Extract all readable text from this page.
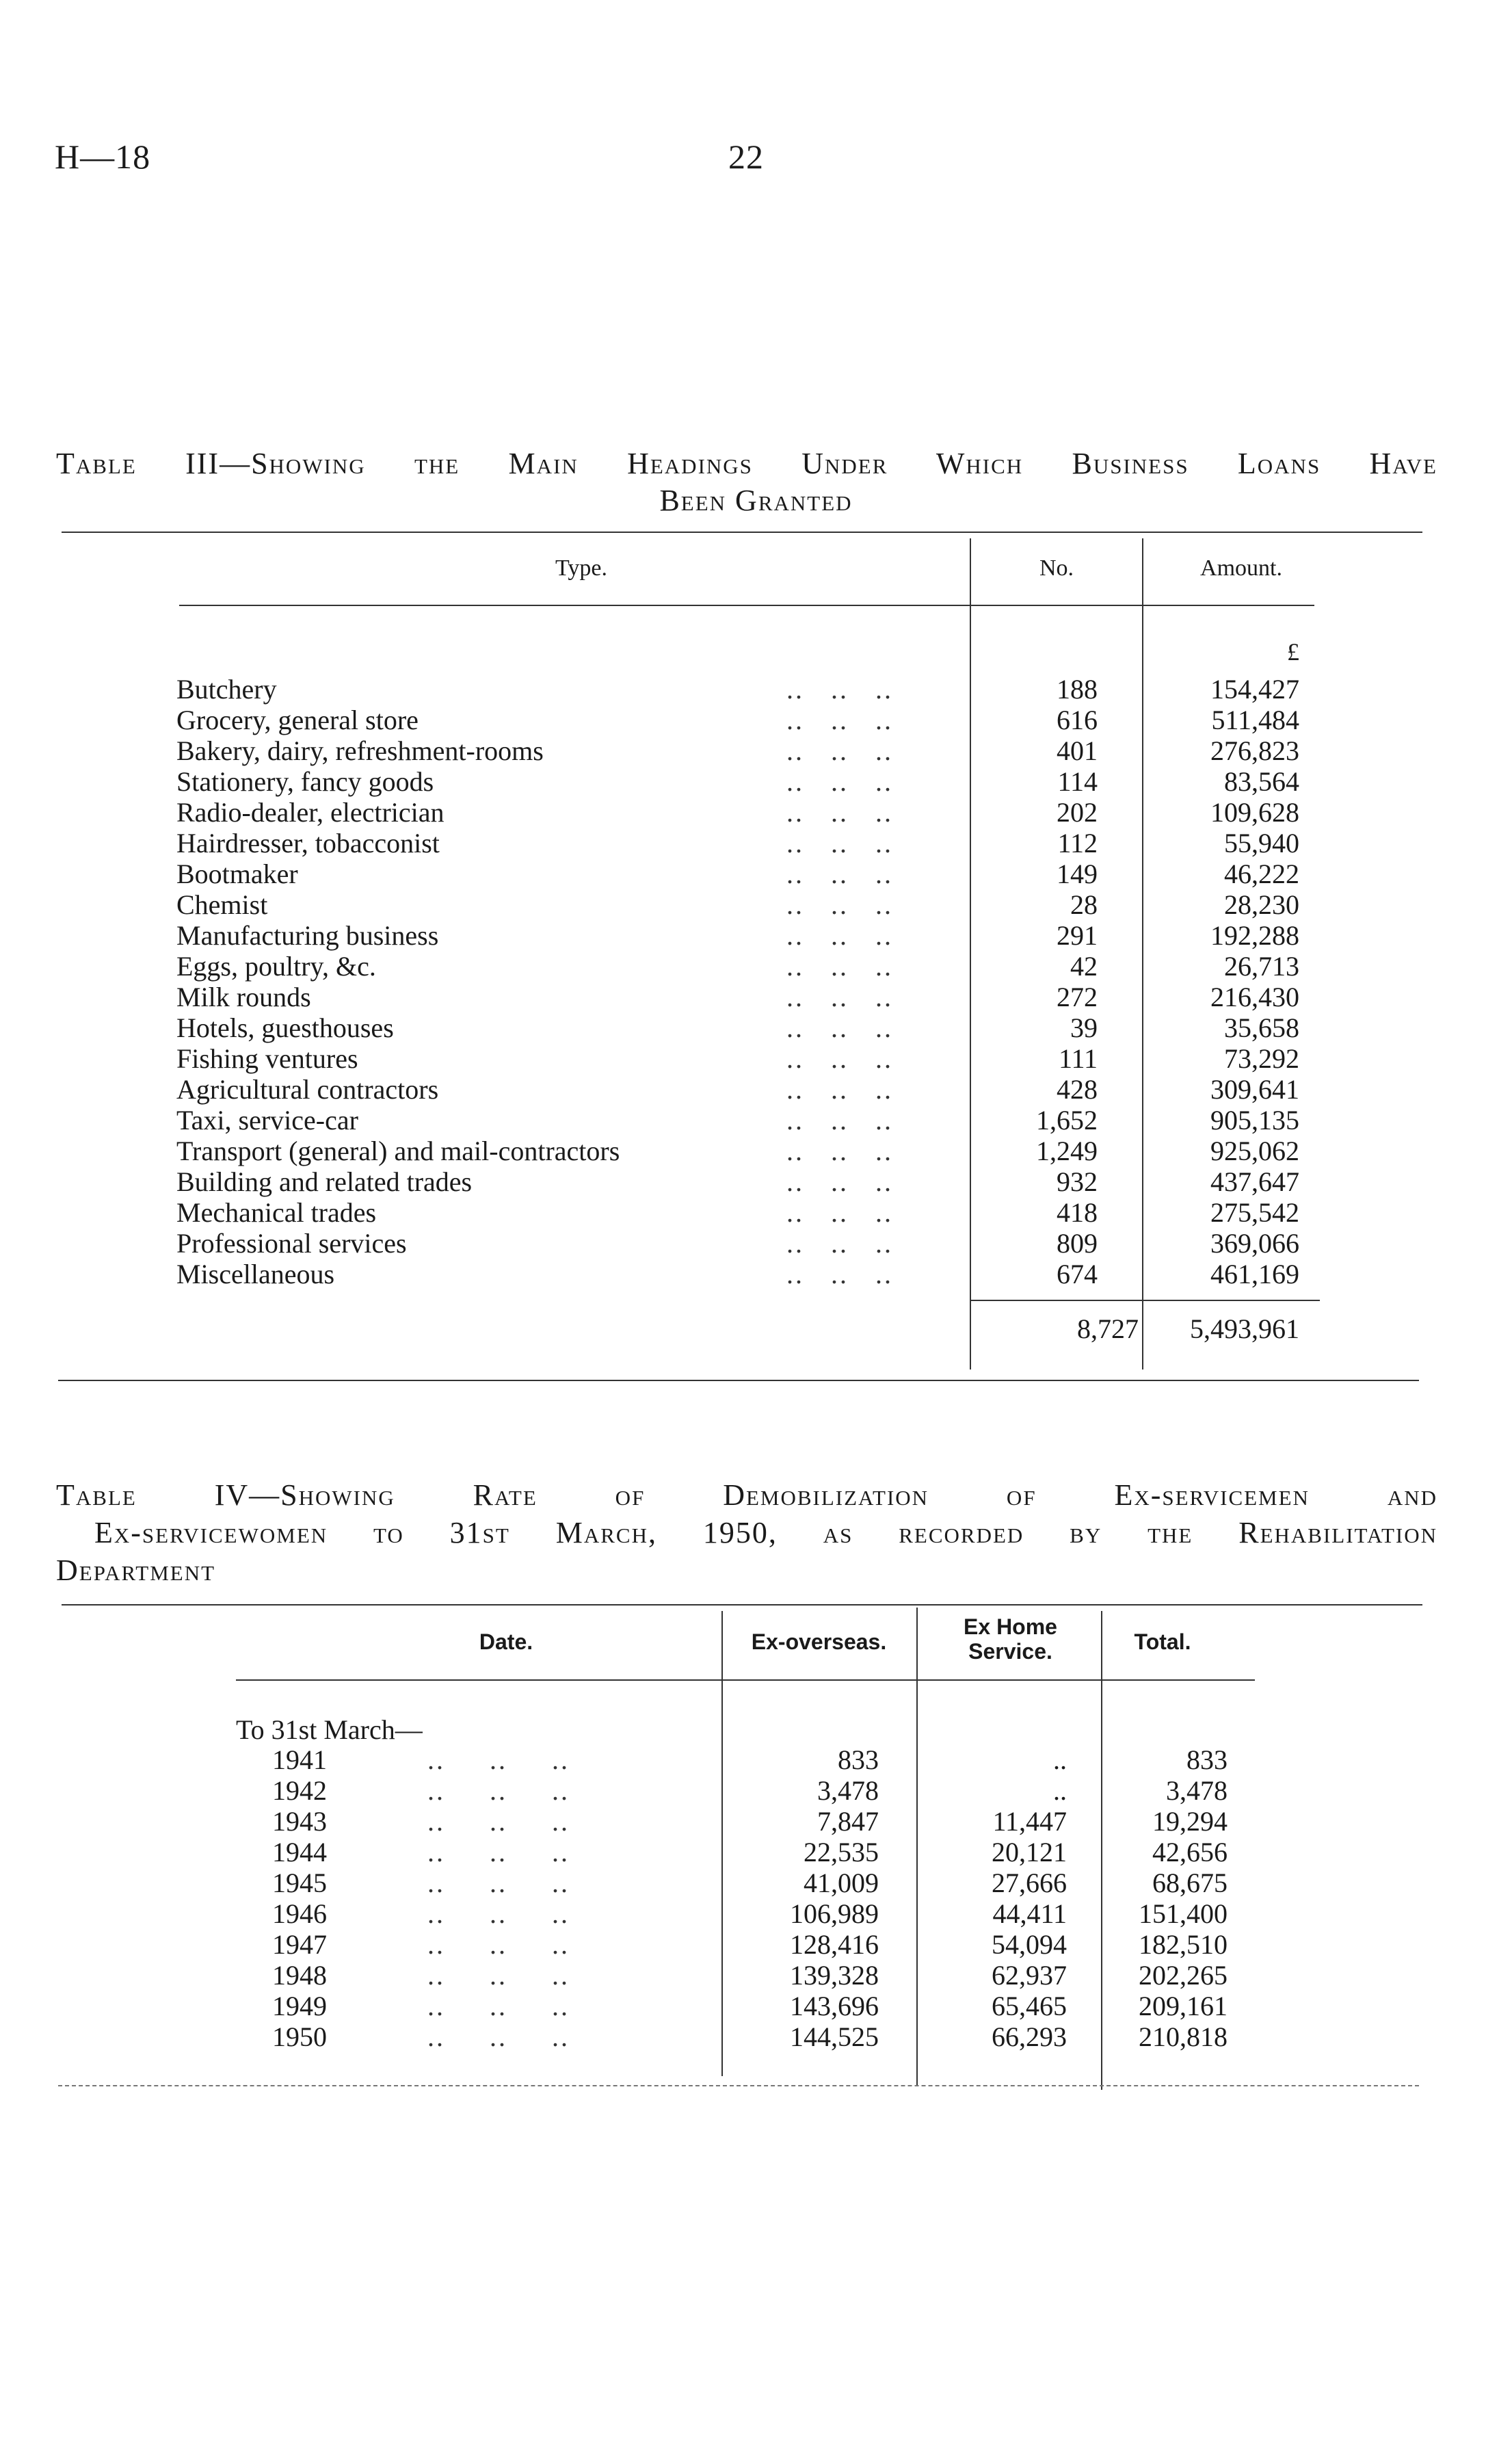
H—18	22
Table III—Showing the Main Headings Under Which Business Loans Have
Been Granted
Type.	No.	Amount.
£
Butchery	..   ..   ..	188	154,427
Grocery, general store	..   ..   ..	616	511,484
Bakery, dairy, refreshment-rooms	..   ..   ..	401	276,823
Stationery, fancy goods	..   ..   ..	114	83,564
Radio-dealer, electrician	..   ..   ..	202	109,628
Hairdresser, tobacconist	..   ..   ..	112	55,940
Bootmaker	..   ..   ..	149	46,222
Chemist	..   ..   ..	28	28,230
Manufacturing business	..   ..   ..	291	192,288
Eggs, poultry, &c.	..   ..   ..	42	26,713
Milk rounds	..   ..   ..	272	216,430
Hotels, guesthouses	..   ..   ..	39	35,658
Fishing ventures	..   ..   ..	111	73,292
Agricultural contractors	..   ..   ..	428	309,641
Taxi, service-car	..   ..   ..	1,652	905,135
Transport (general) and mail-contractors	..   ..   ..	1,249	925,062
Building and related trades	..   ..   ..	932	437,647
Mechanical trades	..   ..   ..	418	275,542
Professional services	..   ..   ..	809	369,066
Miscellaneous	..   ..   ..	674	461,169
8,727	5,493,961
Table IV—Showing Rate of Demobilization of Ex-servicemen and
Ex-servicewomen to 31st March, 1950, as recorded by the Rehabilitation
Department
Date.	Ex-overseas.
Ex Home
Service.	Total.
To 31st March—
1941	..     ..     ..	833	..	833
1942	..     ..     ..	3,478	..	3,478
1943	..     ..     ..	7,847	11,447	19,294
1944	..     ..     ..	22,535	20,121	42,656
1945	..     ..     ..	41,009	27,666	68,675
1946	..     ..     ..	106,989	44,411	151,400
1947	..     ..     ..	128,416	54,094	182,510
1948	..     ..     ..	139,328	62,937	202,265
1949	..     ..     ..	143,696	65,465	209,161
1950	..     ..     ..	144,525	66,293	210,818
